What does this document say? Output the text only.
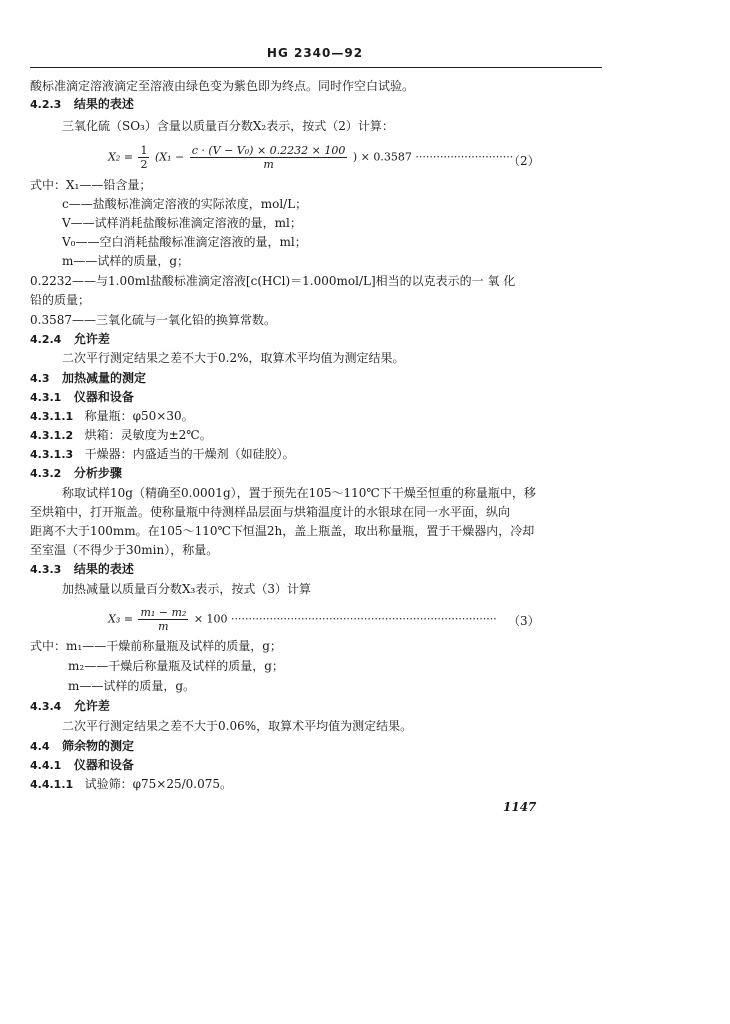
HG 2340—92
酸标准滴定溶液滴定至溶液由绿色变为紫色即为终点。同时作空白试验。
4.2.3 结果的表述
三氧化硫（SO₃）含量以质量百分数X₂表示，按式（2）计算：
$X_2 = \frac{1}{2} (X_1 - \frac{\text{c · (V − V₀) × 0.2232 × 100}}{m}$ ) × 0.3587 ····························
（2）
式中：X₁——铅含量；
c——盐酸标准滴定溶液的实际浓度，mol/L；
V——试样消耗盐酸标准滴定溶液的量，ml；
V₀——空白消耗盐酸标准滴定溶液的量，ml；
m——试样的质量，g；
0.2232——与1.00ml盐酸标准滴定溶液[c(HCl)＝1.000mol/L]相当的以克表示的一 氧 化
铅的质量；
0.3587——三氧化硫与一氧化铅的换算常数。
4.2.4 允许差
二次平行测定结果之差不大于0.2%，取算术平均值为测定结果。
4.3 加热减量的测定
4.3.1 仪器和设备
4.3.1.1 称量瓶：φ50×30。
4.3.1.2 烘箱：灵敏度为±2℃。
4.3.1.3 干燥器：内盛适当的干燥剂（如硅胶）。
4.3.2 分析步骤
称取试样10g（精确至0.0001g），置于预先在105～110℃下干燥至恒重的称量瓶中，移
至烘箱中，打开瓶盖。使称量瓶中待测样品层面与烘箱温度计的水银球在同一水平面，纵向
距离不大于100mm。在105～110℃下恒温2h，盖上瓶盖，取出称量瓶，置于干燥器内，冷却
至室温（不得少于30min），称量。
4.3.3 结果的表述
加热减量以质量百分数X₃表示，按式（3）计算
$X_3 = \frac{\text{m₁ − m₂}}{m} \times 100$ ············································································ （3）
式中：m₁——干燥前称量瓶及试样的质量，g；
m₂——干燥后称量瓶及试样的质量，g；
m——试样的质量，g。
4.3.4 允许差
二次平行测定结果之差不大于0.06%，取算术平均值为测定结果。
4.4 筛余物的测定
4.4.1 仪器和设备
4.4.1.1 试验筛：φ75×25/0.075。
1147
